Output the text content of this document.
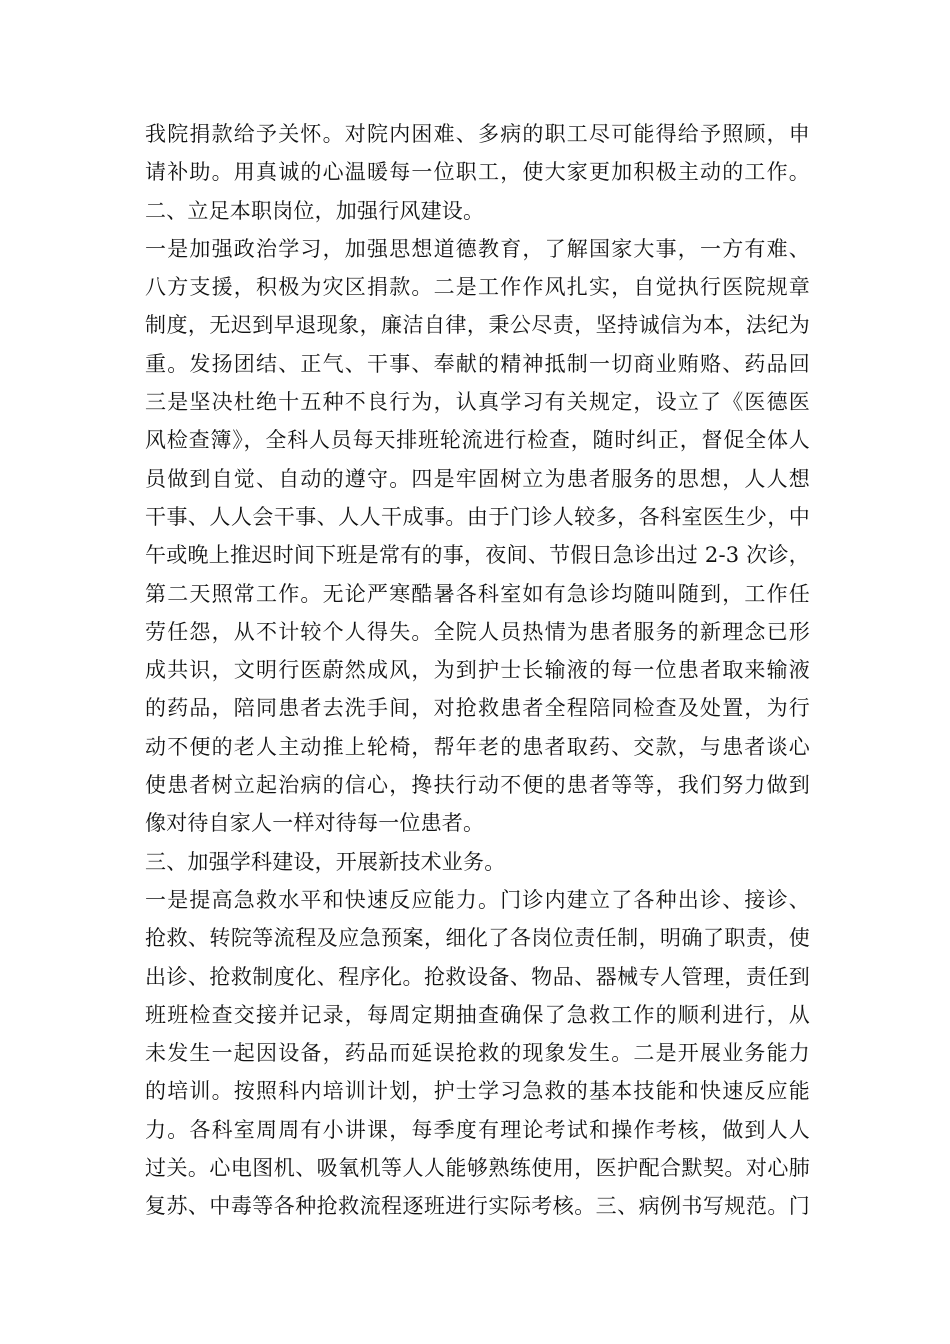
我院捐款给予关怀。对院内困难、多病的职工尽可能得给予照顾，申
请补助。用真诚的心温暖每一位职工，使大家更加积极主动的工作。
二、立足本职岗位，加强行风建设。
一是加强政治学习，加强思想道德教育，了解国家大事，一方有难、
八方支援，积极为灾区捐款。二是工作作风扎实，自觉执行医院规章
制度，无迟到早退现象，廉洁自律，秉公尽责，坚持诚信为本，法纪为
重。发扬团结、正气、干事、奉献的精神抵制一切商业贿赂、药品回
三是坚决杜绝十五种不良行为，认真学习有关规定，设立了《医德医
风检查簿》，全科人员每天排班轮流进行检查，随时纠正，督促全体人
员做到自觉、自动的遵守。四是牢固树立为患者服务的思想，人人想
干事、人人会干事、人人干成事。由于门诊人较多，各科室医生少，中
午或晚上推迟时间下班是常有的事，夜间、节假日急诊出过 2-3 次诊，
第二天照常工作。无论严寒酷暑各科室如有急诊均随叫随到，工作任
劳任怨，从不计较个人得失。全院人员热情为患者服务的新理念已形
成共识，文明行医蔚然成风，为到护士长输液的每一位患者取来输液
的药品，陪同患者去洗手间，对抢救患者全程陪同检查及处置，为行
动不便的老人主动推上轮椅，帮年老的患者取药、交款，与患者谈心
使患者树立起治病的信心，搀扶行动不便的患者等等，我们努力做到
像对待自家人一样对待每一位患者。
三、加强学科建设，开展新技术业务。
一是提高急救水平和快速反应能力。门诊内建立了各种出诊、接诊、
抢救、转院等流程及应急预案，细化了各岗位责任制，明确了职责，使
出诊、抢救制度化、程序化。抢救设备、物品、器械专人管理，责任到
班班检查交接并记录，每周定期抽查确保了急救工作的顺利进行，从
未发生一起因设备，药品而延误抢救的现象发生。二是开展业务能力
的培训。按照科内培训计划，护士学习急救的基本技能和快速反应能
力。各科室周周有小讲课，每季度有理论考试和操作考核，做到人人
过关。心电图机、吸氧机等人人能够熟练使用，医护配合默契。对心肺
复苏、中毒等各种抢救流程逐班进行实际考核。三、病例书写规范。门
